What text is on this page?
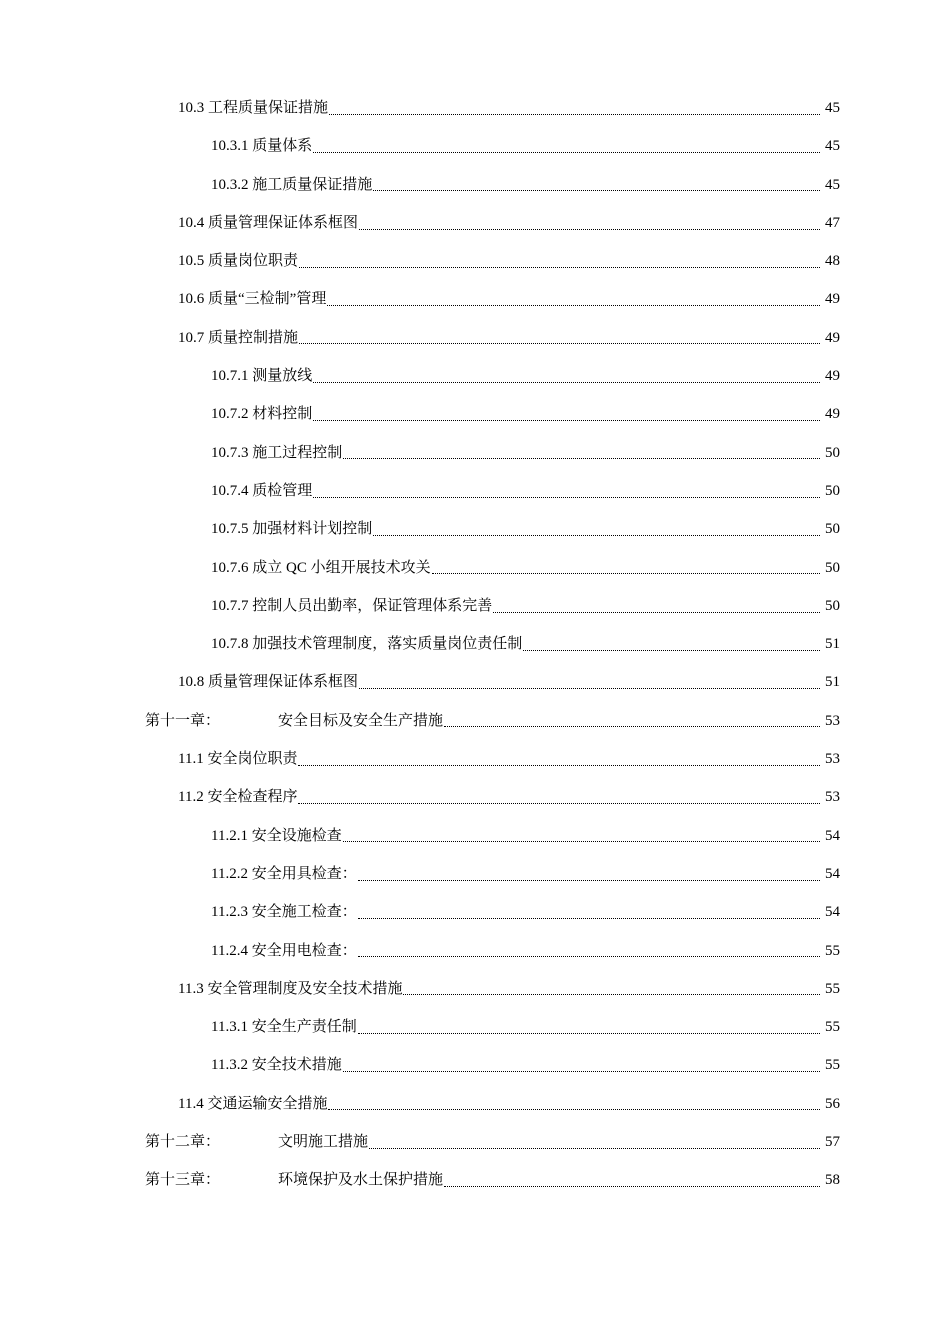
10.3 工程质量保证措施	45
10.3.1 质量体系	45
10.3.2 施工质量保证措施	45
10.4 质量管理保证体系框图	47
10.5 质量岗位职责	48
10.6 质量“三检制”管理	49
10.7 质量控制措施	49
10.7.1 测量放线	49
10.7.2 材料控制	49
10.7.3 施工过程控制	50
10.7.4 质检管理	50
10.7.5 加强材料计划控制	50
10.7.6 成立 QC 小组开展技术攻关	50
10.7.7 控制人员出勤率，保证管理体系完善	50
10.7.8 加强技术管理制度，落实质量岗位责任制	51
10.8 质量管理保证体系框图	51
第十一章：	安全目标及安全生产措施	53
11.1 安全岗位职责	53
11.2 安全检查程序	53
11.2.1 安全设施检查	54
11.2.2 安全用具检查：	54
11.2.3 安全施工检查：	54
11.2.4 安全用电检查：	55
11.3 安全管理制度及安全技术措施	55
11.3.1 安全生产责任制	55
11.3.2 安全技术措施	55
11.4 交通运输安全措施	56
第十二章：	文明施工措施	57
第十三章：	环境保护及水土保护措施	58
